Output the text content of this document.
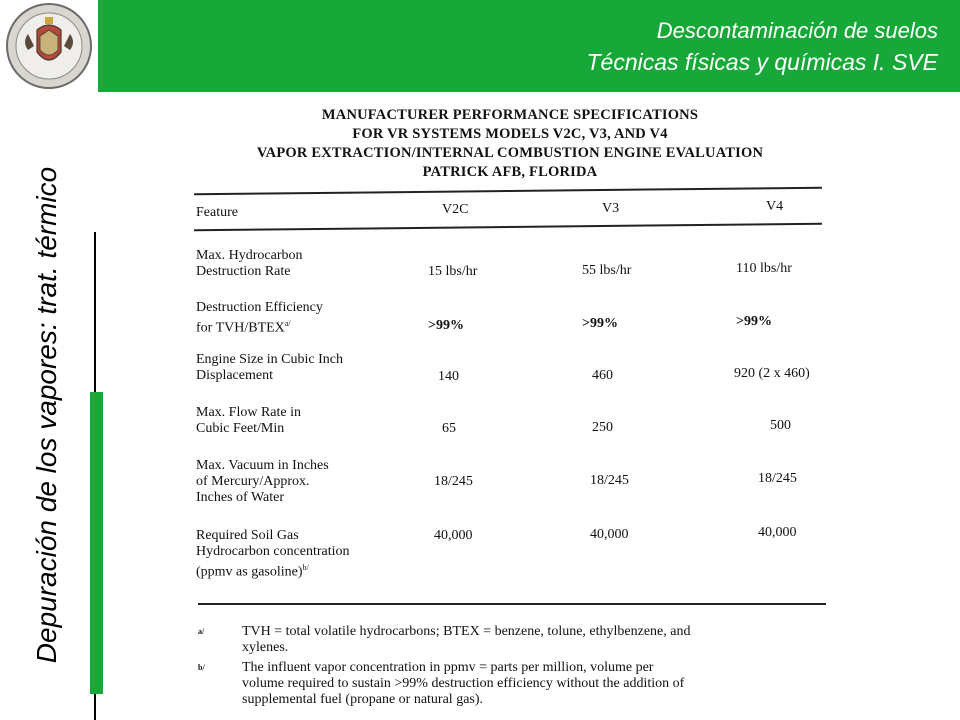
Descontaminación de suelos
Técnicas físicas y químicas I. SVE
Depuración de los vapores: trat. térmico
MANUFACTURER PERFORMANCE SPECIFICATIONS
FOR VR SYSTEMS MODELS V2C, V3, AND V4
VAPOR EXTRACTION/INTERNAL COMBUSTION ENGINE EVALUATION
PATRICK AFB, FLORIDA
Feature	V2C	V3	V4
Max. Hydrocarbon
Destruction Rate	15 lbs/hr	55 lbs/hr	110 lbs/hr
Destruction Efficiency
for TVH/$BTEX^{a/}$	>99%	>99%	>99%
Engine Size in Cubic Inch
Displacement	140	460	920 (2 x 460)
Max. Flow Rate in
Cubic Feet/Min	65	250	500
Max. Vacuum in Inches
of Mercury/Approx.
Inches of Water
18/245	18/245	18/245
Required Soil Gas
Hydrocarbon concentration
(ppmv as gasoline)$^{b/}$
40,000	40,000	40,000
a/	TVH = total volatile hydrocarbons; BTEX = benzene, tolune, ethylbenzene, and
xylenes.
b/	The influent vapor concentration in ppmv = parts per million, volume per
volume required to sustain >99% destruction efficiency without the addition of
supplemental fuel (propane or natural gas).
